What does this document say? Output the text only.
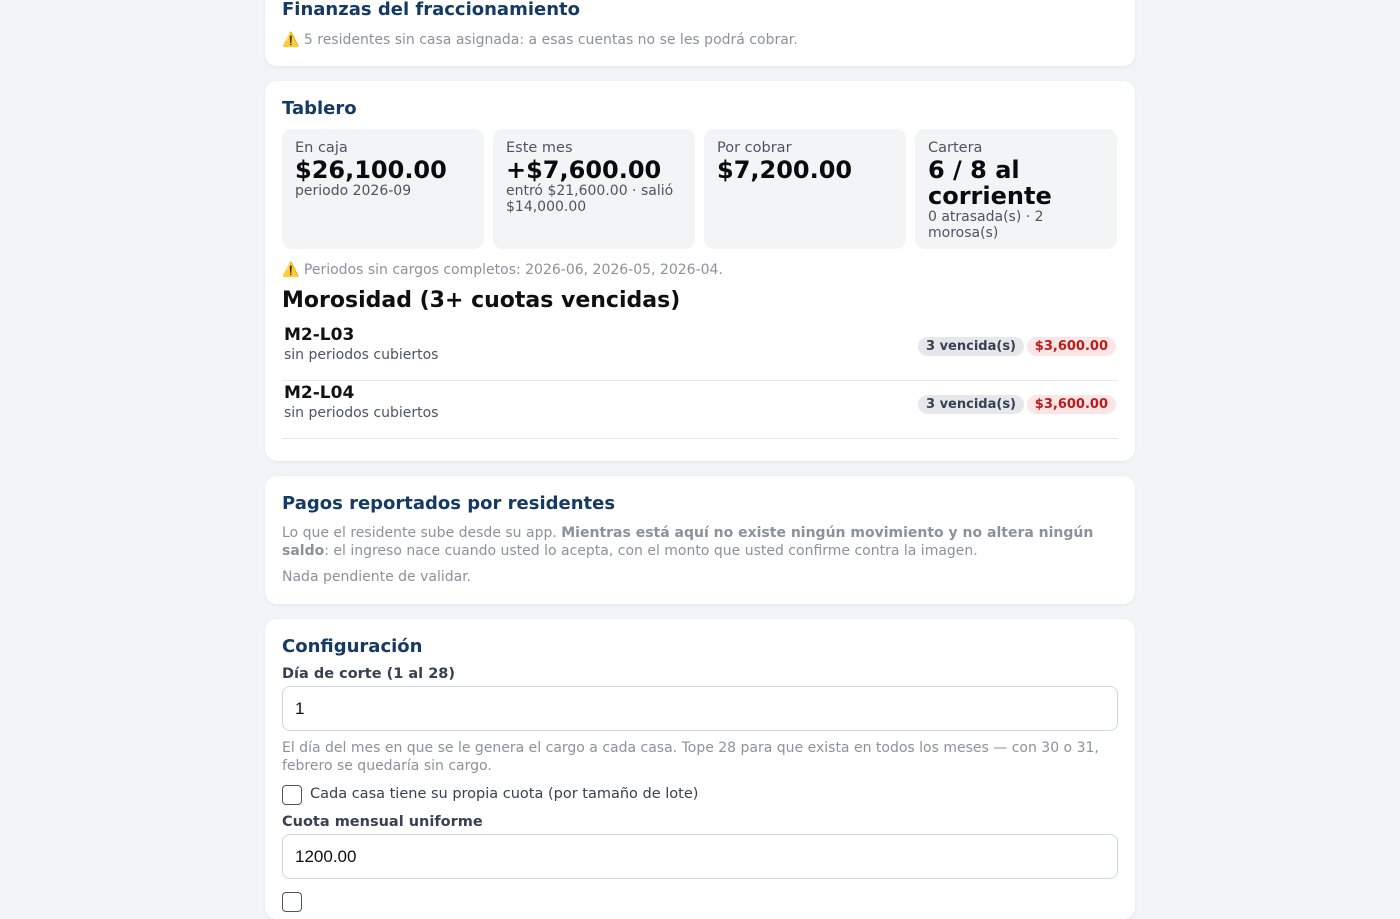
Finanzas del fraccionamiento
⚠️ 5 residentes sin casa asignada: a esas cuentas no se les podrá cobrar.
Tablero
En caja
$26,100.00
periodo 2026-09
Este mes
+$7,600.00
entró $21,600.00 · salió $14,000.00
Por cobrar
$7,200.00
Cartera
6 / 8 al corriente
0 atrasada(s) · 2 morosa(s)
⚠️ Periodos sin cargos completos: 2026-06, 2026-05, 2026-04.
Morosidad (3+ cuotas vencidas)
M2-L03
sin periodos cubiertos
3 vencida(s)	$3,600.00
M2-L04
sin periodos cubiertos
3 vencida(s)	$3,600.00
Pagos reportados por residentes
Lo que el residente sube desde su app. Mientras está aquí no existe ningún movimiento y no altera ningún saldo: el ingreso nace cuando usted lo acepta, con el monto que usted confirme contra la imagen.
Nada pendiente de validar.
Configuración
Día de corte (1 al 28)
1
El día del mes en que se le genera el cargo a cada casa. Tope 28 para que exista en todos los meses — con 30 o 31, febrero se quedaría sin cargo.
Cada casa tiene su propia cuota (por tamaño de lote)
Cuota mensual uniforme
1200.00
